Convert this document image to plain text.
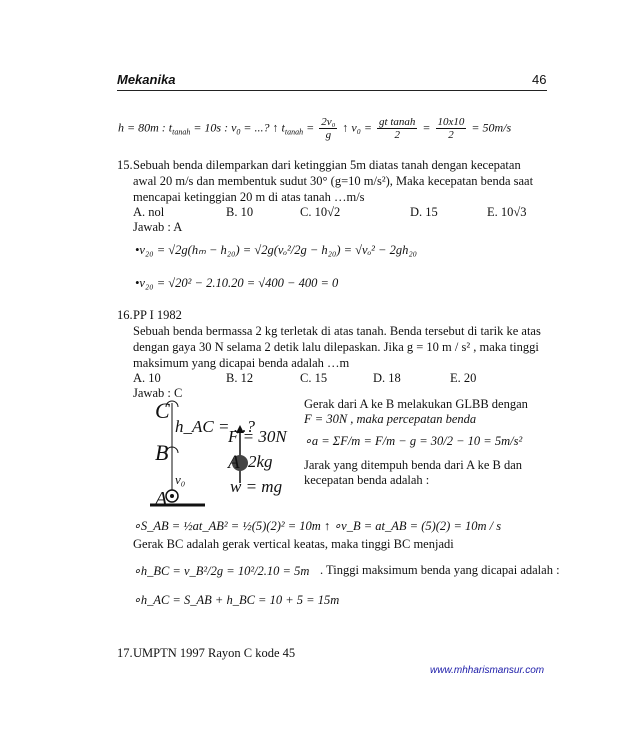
Mekanika	46
h = 80m : $t_{tanah} = 10s$ : $v_0$ = ...? ↑ $t_{tanah} = \frac{\text{2v₀}}{g}$ ↑ $v_0 = \frac{\text{gt tanah}}{2} = \frac{10x10}{2} = 50m/s$
15. Sebuah benda dilemparkan dari ketinggian 5m diatas tanah dengan kecepatan
awal 20 m/s dan membentuk sudut 30° (g=10 m/s²), Maka kecepatan benda saat
mencapai ketinggian 20 m di atas tanah …m/s
A. nol	B. 10	C. 10√2	D. 15	E. 10√3
Jawab : A
•v₂₀ = √2g(hₘ − h₂₀) = √2g(vₒ²/2g − h₂₀) = √vₒ² − 2gh₂₀
•v₂₀ = √20² − 2.10.20 = √400 − 400 = 0
16. PP I 1982
Sebuah benda bermassa 2 kg terletak di atas tanah. Benda tersebut di tarik ke atas
dengan gaya 30 N selama 2 detik lalu dilepaskan. Jika g = 10 m / s² , maka tinggi
maksimum yang dicapai benda adalah …m
A. 10	B. 12	C. 15	D. 18	E. 20
Jawab : C
C
B
A
h_AC = ...?
F = 30N
2kg
A
w = mg
v₀
Gerak dari A ke B melakukan GLBB dengan
F = 30N , maka percepatan benda
∘a = ΣF/m = F/m − g = 30/2 − 10 = 5m/s²
Jarak yang ditempuh benda dari A ke B dan
kecepatan benda adalah :
∘S_AB = ½at_AB² = ½(5)(2)² = 10m ↑ ∘v_B = at_AB = (5)(2) = 10m / s
Gerak BC adalah gerak vertical keatas, maka tinggi BC menjadi
∘h_BC = v_B²/2g = 10²/2.10 = 5m . Tinggi maksimum benda yang dicapai adalah :
∘h_AC = S_AB + h_BC = 10 + 5 = 15m
17. UMPTN 1997 Rayon C kode 45
www.mhharismansur.com
